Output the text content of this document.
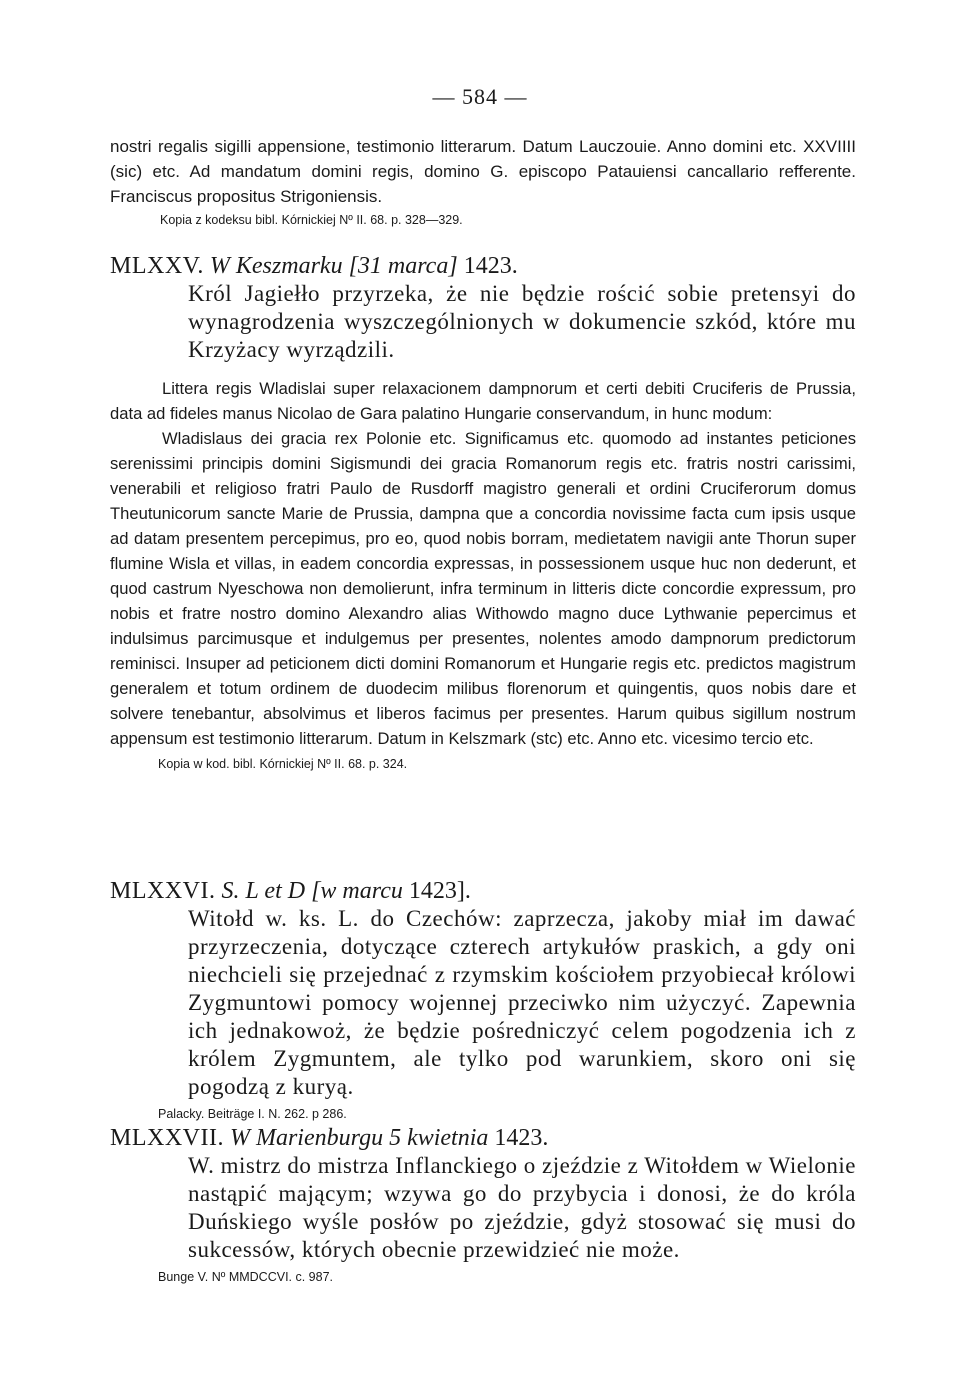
— 584 —
nostri regalis sigilli appensione, testimonio litterarum. Datum Lauczouie. Anno domini etc. XXVIIII (sic) etc. Ad mandatum domini regis, domino G. episcopo Patauiensi cancallario refferente. Franciscus propositus Strigoniensis.
Kopia z kodeksu bibl. Kórnickiej Nº II. 68. p. 328—329.
MLXXV. W Keszmarku [31 marca] 1423.
Król Jagiełło przyrzeka, że nie będzie rościć sobie pretensyi do wynagrodzenia wyszczególnionych w dokumencie szkód, które mu Krzyżacy wyrządzili.

Littera regis Wladislai super relaxacionem dampnorum et certi debiti Cruciferis de Prussia, data ad fideles manus Nicolao de Gara palatino Hungarie conservandum, in hunc modum:

Wladislaus dei gracia rex Polonie etc. Significamus etc. quomodo ad instantes peticiones serenissimi principis domini Sigismundi dei gracia Romanorum regis etc. fratris nostri carissimi, venerabili et religioso fratri Paulo de Rusdorff magistro generali et ordini Cruciferorum domus Theutunicorum sancte Marie de Prussia, dampna que a concordia novissime facta cum ipsis usque ad datam presentem percepimus, pro eo, quod nobis borram, medietatem navigii ante Thorun super flumine Wisla et villas, in eadem concordia expressas, in possessionem usque huc non dederunt, et quod castrum Nyeschowa non demolierunt, infra terminum in litteris dicte concordie expressum, pro nobis et fratre nostro domino Alexandro alias Withowdo magno duce Lythwanie pepercimus et indulsimus parcimusque et indulgemus per presentes, nolentes amodo dampnorum predictorum reminisci. Insuper ad peticionem dicti domini Romanorum et Hungarie regis etc. predictos magistrum generalem et totum ordinem de duodecim milibus florenorum et quingentis, quos nobis dare et solvere tenebantur, absolvimus et liberos facimus per presentes. Harum quibus sigillum nostrum appensum est testimonio litterarum. Datum in Kelszmark (stc) etc. Anno etc. vicesimo tercio etc.

Kopia w kod. bibl. Kórnickiej Nº II. 68. p. 324.
MLXXVI. S. L et D [w marcu 1423].
Witołd w. ks. L. do Czechów: zaprzecza, jakoby miał im dawać przyrzeczenia, dotyczące czterech artykułów praskich, a gdy oni niechcieli się przejednać z rzymskim kościołem przyobiecał królowi Zygmuntowi pomocy wojennej przeciwko nim użyczyć. Zapewnia ich jednakowoż, że będzie pośredniczyć celem pogodzenia ich z królem Zygmuntem, ale tylko pod warunkiem, skoro oni się pogodzą z kuryą.
Palacky. Beiträge I. N. 262. p 286.
MLXXVII. W Marienburgu 5 kwietnia 1423.
W. mistrz do mistrza Inflanckiego o zjeździe z Witołdem w Wielonie nastąpić mającym; wzywa go do przybycia i donosi, że do króla Duńskiego wyśle posłów po zjeździe, gdyż stosować się musi do sukcessów, których obecnie przewidzieć nie może.
Bunge V. Nº MMDCCVI. c. 987.
